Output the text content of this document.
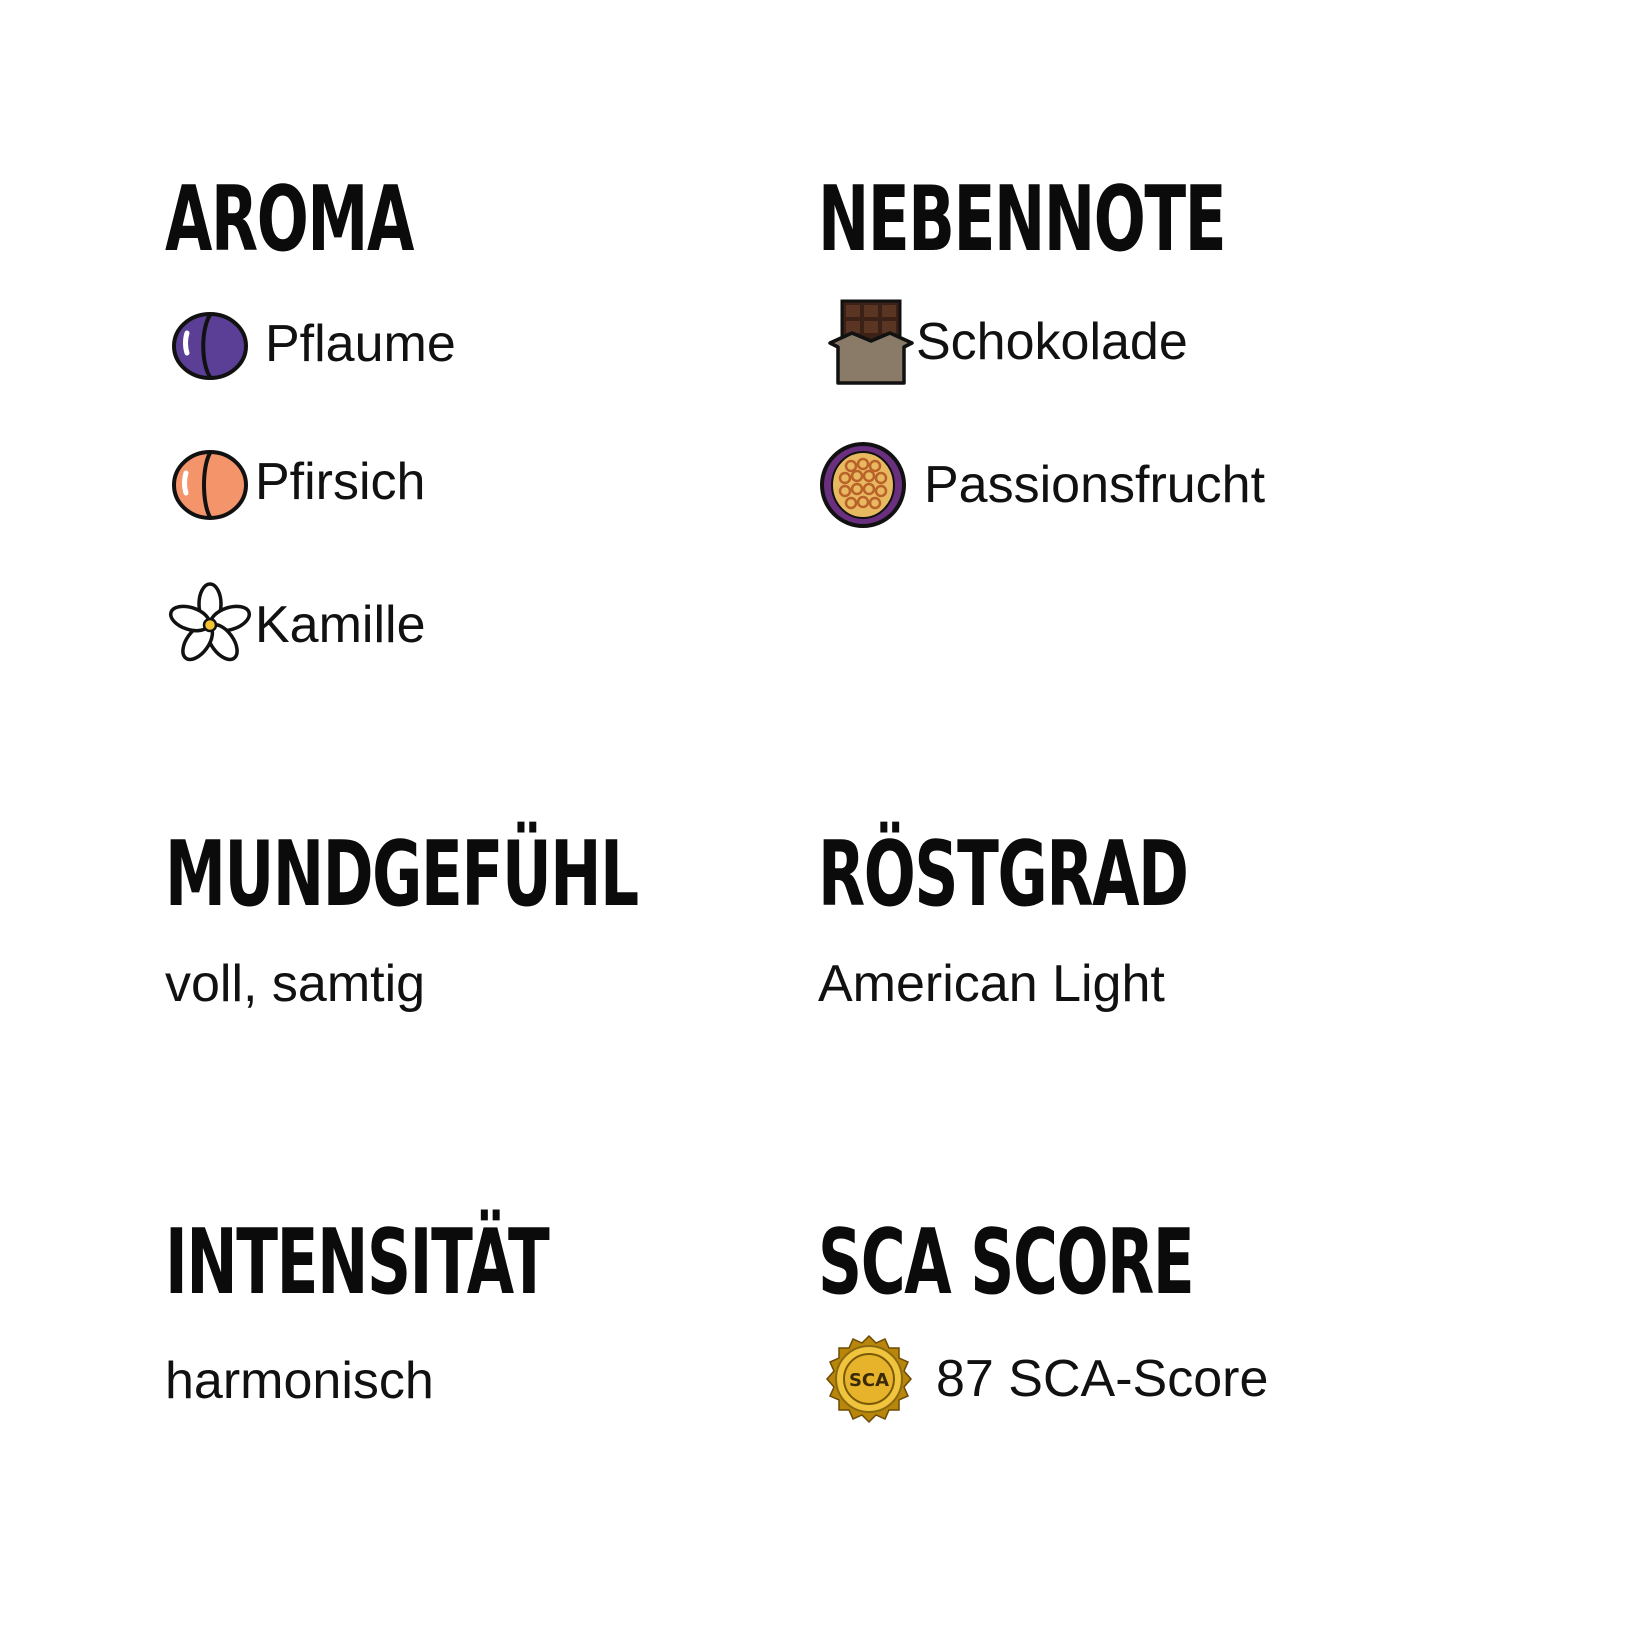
AROMA
Pflaume
Pfirsich
Kamille
NEBENNOTE
Schokolade
Passionsfrucht
MUNDGEFÜHL
voll, samtig
RÖSTGRAD
American Light
INTENSITÄT
harmonisch
SCA SCORE
SCA 87 SCA-Score
